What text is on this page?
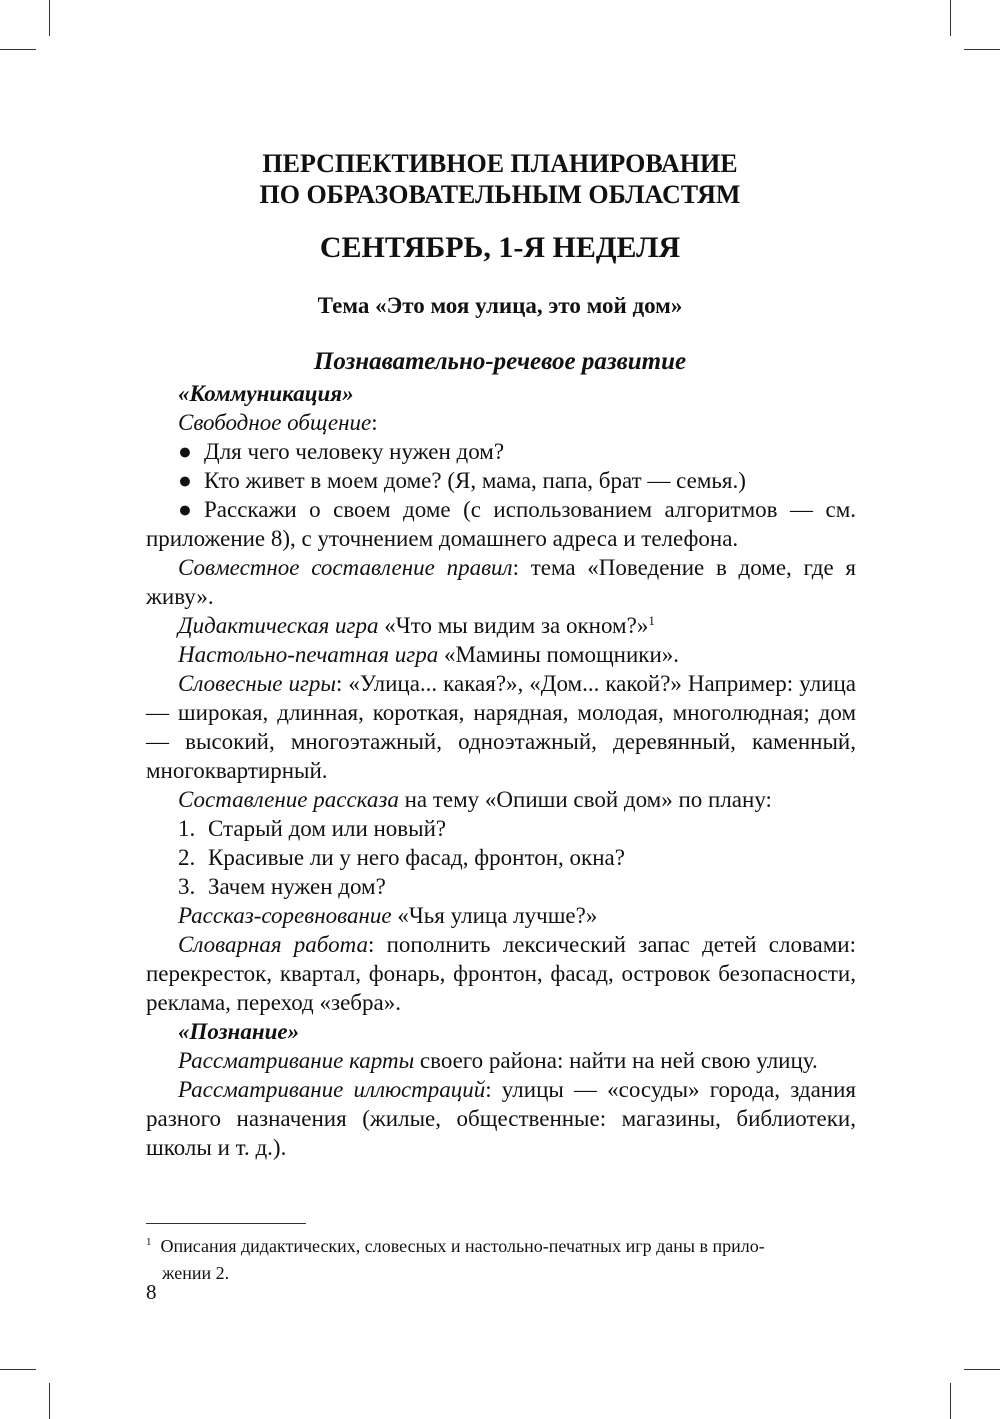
ПЕРСПЕКТИВНОЕ ПЛАНИРОВАНИЕ
ПО ОБРАЗОВАТЕЛЬНЫМ ОБЛАСТЯМ
СЕНТЯБРЬ, 1-Я НЕДЕЛЯ
Тема «Это моя улица, это мой дом»
Познавательно-речевое развитие

«Коммуникация»

Свободное общение:

● Для чего человеку нужен дом?

● Кто живет в моем доме? (Я, мама, папа, брат — семья.)

● Расскажи о своем доме (с использованием алгоритмов — см. приложение 8), с уточнением домашнего адреса и телефона.

Совместное составление правил: тема «Поведение в доме, где я живу».

Дидактическая игра «Что мы видим за окном?»$^1$

Настольно-печатная игра «Мамины помощники».

Словесные игры: «Улица... какая?», «Дом... какой?» Например: улица — широкая, длинная, короткая, нарядная, молодая, многолюдная; дом — высокий, многоэтажный, одноэтажный, деревянный, каменный, многоквартирный.

Составление рассказа на тему «Опиши свой дом» по плану:

1. Старый дом или новый?

2. Красивые ли у него фасад, фронтон, окна?

3. Зачем нужен дом?

Рассказ-соревнование «Чья улица лучше?»

Словарная работа: пополнить лексический запас детей словами: перекресток, квартал, фонарь, фронтон, фасад, островок безопасности, реклама, переход «зебра».

«Познание»

Рассматривание карты своего района: найти на ней свою улицу.

Рассматривание иллюстраций: улицы — «сосуды» города, здания разного назначения (жилые, общественные: магазины, библиотеки, школы и т. д.).

$^1$ Описания дидактических, словесных и настольно-печатных игр даны в прило-
жении 2.
8
